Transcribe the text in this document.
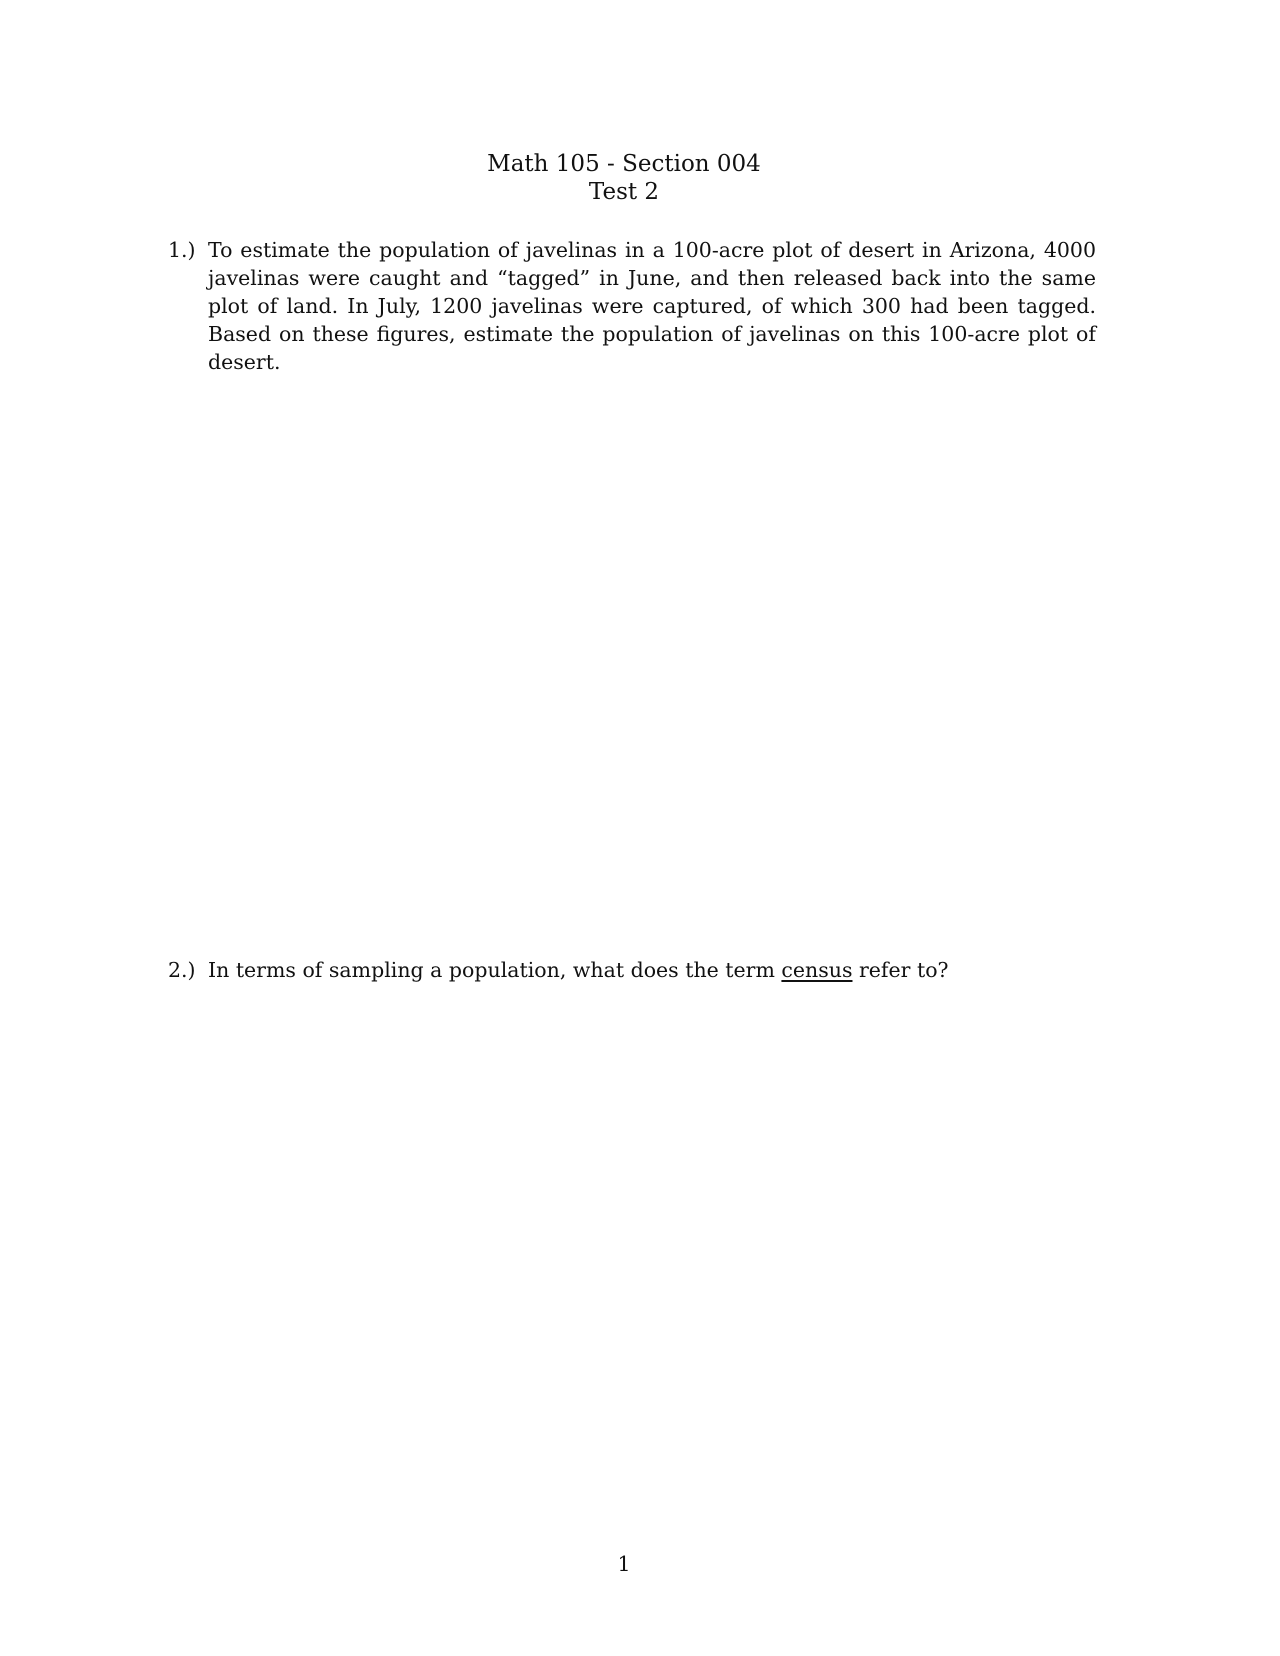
Math 105 - Section 004
Test 2
1.) To estimate the population of javelinas in a 100-acre plot of desert in Arizona, 4000 javelinas were caught and “tagged” in June, and then released back into the same plot of land. In July, 1200 javelinas were captured, of which 300 had been tagged. Based on these figures, estimate the population of javelinas on this 100-acre plot of desert.
2.) In terms of sampling a population, what does the term census refer to?
1
